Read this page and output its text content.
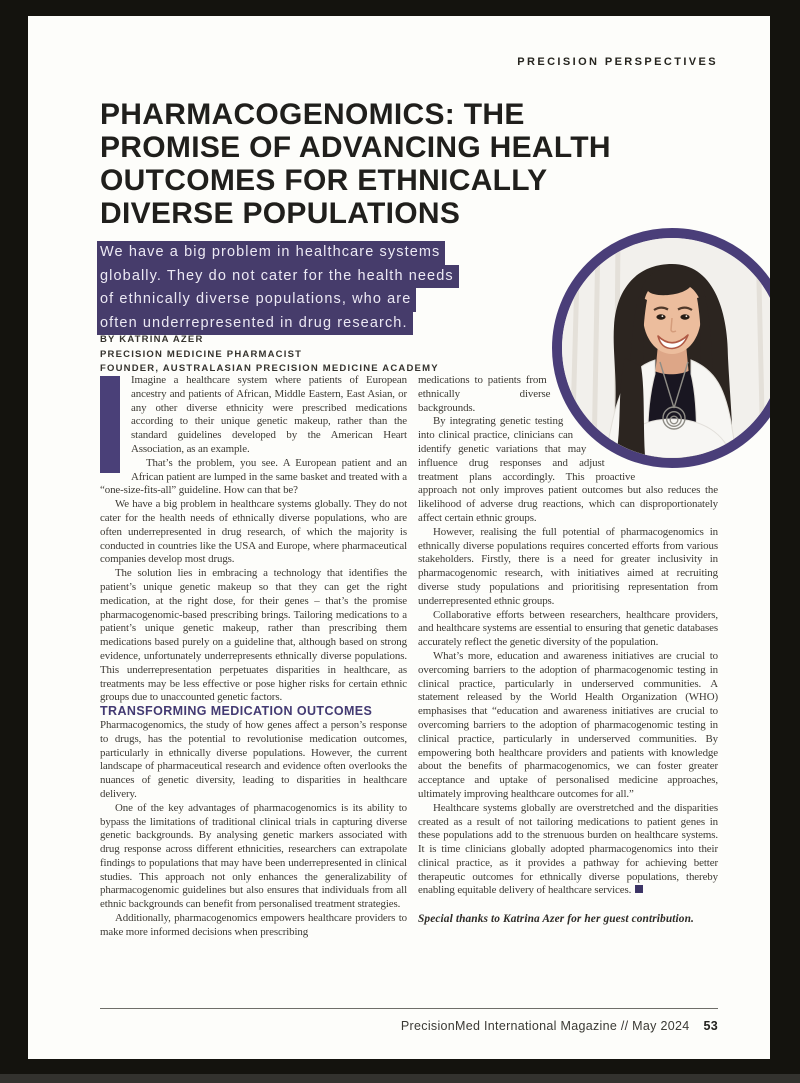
PRECISION PERSPECTIVES
PHARMACOGENOMICS: THE
PROMISE OF ADVANCING HEALTH
OUTCOMES FOR ETHNICALLY
DIVERSE POPULATIONS
We have a big problem in healthcare systems
globally. They do not cater for the health needs
of ethnically diverse populations, who are
often underrepresented in drug research.
BY KATRINA AZER
PRECISION MEDICINE PHARMACIST
FOUNDER, AUSTRALASIAN PRECISION MEDICINE ACADEMY

Imagine a healthcare system where patients of European ancestry and patients of African, Middle Eastern, East Asian, or any other diverse ethnicity were prescribed medications according to their unique genetic makeup, rather than the standard guidelines developed by the American Heart Association, as an example.

That’s the problem, you see. A European patient and an African patient are lumped in the same basket and treated with a “one-size-fits-all” guideline. How can that be?

We have a big problem in healthcare systems globally. They do not cater for the health needs of ethnically diverse populations, who are often underrepresented in drug research, of which the majority is conducted in countries like the USA and Europe, where pharmaceutical companies develop most drugs.

The solution lies in embracing a technology that identifies the patient’s unique genetic makeup so that they can get the right medication, at the right dose, for their genes – that’s the promise pharmacogenomic-based prescribing brings. Tailoring medications to a patient’s unique genetic makeup, rather than prescribing them medications based purely on a guideline that, although based on strong evidence, unfortunately underrepresents ethnically diverse populations. This underrepresentation perpetuates disparities in healthcare, as treatments may be less effective or pose higher risks for certain ethnic groups due to unaccounted genetic factors.

TRANSFORMING MEDICATION OUTCOMES

Pharmacogenomics, the study of how genes affect a person’s response to drugs, has the potential to revolutionise medication outcomes, particularly in ethnically diverse populations. However, the current landscape of pharmaceutical research and evidence often overlooks the nuances of genetic diversity, leading to disparities in healthcare delivery.

One of the key advantages of pharmacogenomics is its ability to bypass the limitations of traditional clinical trials in capturing diverse genetic backgrounds. By analysing genetic markers associated with drug response across different ethnicities, researchers can extrapolate findings to populations that may have been underrepresented in clinical studies. This approach not only enhances the generalizability of pharmacogenomic guidelines but also ensures that individuals from all ethnic backgrounds can benefit from personalised treatment strategies.

Additionally, pharmacogenomics empowers healthcare providers to make more informed decisions when prescribing

medications to patients from ethnically diverse backgrounds.

By integrating genetic testing into clinical practice, clinicians can identify genetic variations that may influence drug responses and adjust treatment plans accordingly. This proactive approach not only improves patient outcomes but also reduces the likelihood of adverse drug reactions, which can disproportionately affect certain ethnic groups.

However, realising the full potential of pharmacogenomics in ethnically diverse populations requires concerted efforts from various stakeholders. Firstly, there is a need for greater inclusivity in pharmacogenomic research, with initiatives aimed at recruiting diverse study populations and prioritising representation from underrepresented ethnic groups.

Collaborative efforts between researchers, healthcare providers, and healthcare systems are essential to ensuring that genetic databases accurately reflect the genetic diversity of the population.

What’s more, education and awareness initiatives are crucial to overcoming barriers to the adoption of pharmacogenomic testing in clinical practice, particularly in underserved communities. A statement released by the World Health Organization (WHO) emphasises that “education and awareness initiatives are crucial to overcoming barriers to the adoption of pharmacogenomic testing in clinical practice, particularly in underserved communities. By empowering both healthcare providers and patients with knowledge about the benefits of pharmacogenomics, we can foster greater acceptance and uptake of personalised medicine approaches, ultimately improving healthcare outcomes for all.”

Healthcare systems globally are overstretched and the disparities created as a result of not tailoring medications to patient genes in these populations add to the strenuous burden on healthcare systems. It is time clinicians globally adopted pharmacogenomics into their clinical practice, as it provides a pathway for achieving better therapeutic outcomes for ethnically diverse populations, thereby enabling equitable delivery of healthcare services.

Special thanks to Katrina Azer for her guest contribution.

PrecisionMed International Magazine // May 2024 53
